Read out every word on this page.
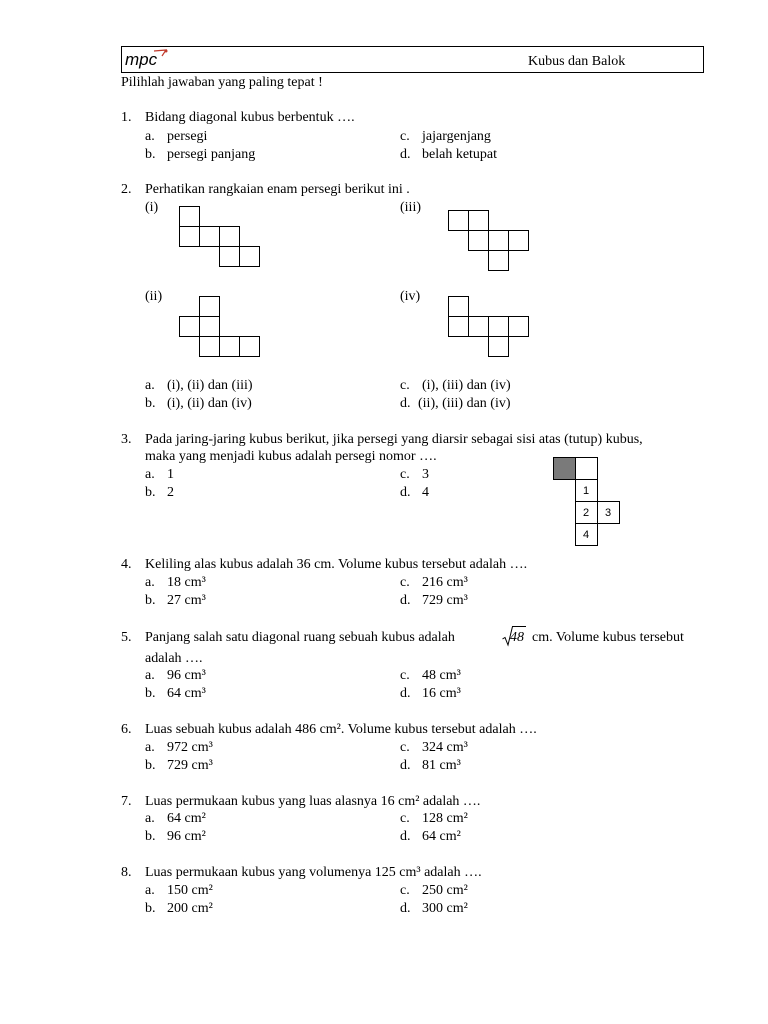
mpc	Kubus dan Balok
Pilihlah jawaban yang paling tepat !
1. Bidang diagonal kubus berbentuk ….
a. persegi	c. jajargenjang
b. persegi panjang	d. belah ketupat
2. Perhatikan rangkaian enam persegi berikut ini .
(i)	(iii)
(ii)	(iv)
a. (i), (ii) dan (iii)	c. (i), (iii) dan (iv)
b. (i), (ii) dan (iv)	d. (ii), (iii) dan (iv)
3. Pada jaring-jaring kubus berikut, jika persegi yang diarsir sebagai sisi atas (tutup) kubus,
maka yang menjadi kubus adalah persegi nomor ….
a. 1	c. 3
b. 2	d. 4	1
2 3
4
4. Keliling alas kubus adalah 36 cm. Volume kubus tersebut adalah ….
a. 18 cm³	c. 216 cm³
b. 27 cm³	d. 729 cm³
5. Panjang salah satu diagonal ruang sebuah kubus adalah	48 cm. Volume kubus tersebut
adalah ….
a. 96 cm³	c. 48 cm³
b. 64 cm³	d. 16 cm³
6. Luas sebuah kubus adalah 486 cm². Volume kubus tersebut adalah ….
a. 972 cm³	c. 324 cm³
b. 729 cm³	d. 81 cm³
7. Luas permukaan kubus yang luas alasnya 16 cm² adalah ….
a. 64 cm²	c. 128 cm²
b. 96 cm²	d. 64 cm²
8. Luas permukaan kubus yang volumenya 125 cm³ adalah ….
a. 150 cm²	c. 250 cm²
b. 200 cm²	d. 300 cm²
